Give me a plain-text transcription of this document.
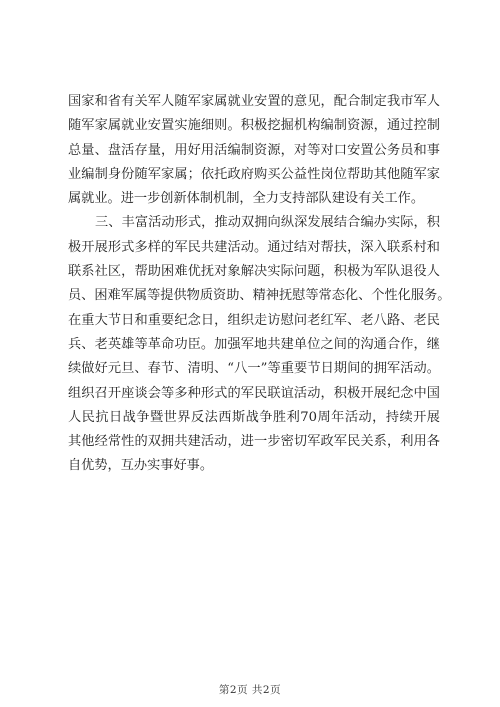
国家和省有关军人随军家属就业安置的意见，配合制定我市军人
随军家属就业安置实施细则。积极挖掘机构编制资源，通过控制
总量、盘活存量，用好用活编制资源，对等对口安置公务员和事
业编制身份随军家属；依托政府购买公益性岗位帮助其他随军家
属就业。进一步创新体制机制，全力支持部队建设有关工作。
三、丰富活动形式，推动双拥向纵深发展结合编办实际，积
极开展形式多样的军民共建活动。通过结对帮扶，深入联系村和
联系社区，帮助困难优抚对象解决实际问题，积极为军队退役人
员、困难军属等提供物质资助、精神抚慰等常态化、个性化服务。
在重大节日和重要纪念日，组织走访慰问老红军、老八路、老民
兵、老英雄等革命功臣。加强军地共建单位之间的沟通合作，继
续做好元旦、春节、清明、“八一”等重要节日期间的拥军活动。
组织召开座谈会等多种形式的军民联谊活动，积极开展纪念中国
人民抗日战争暨世界反法西斯战争胜利70周年活动，持续开展
其他经常性的双拥共建活动，进一步密切军政军民关系，利用各
自优势，互办实事好事。
第2页 共2页
